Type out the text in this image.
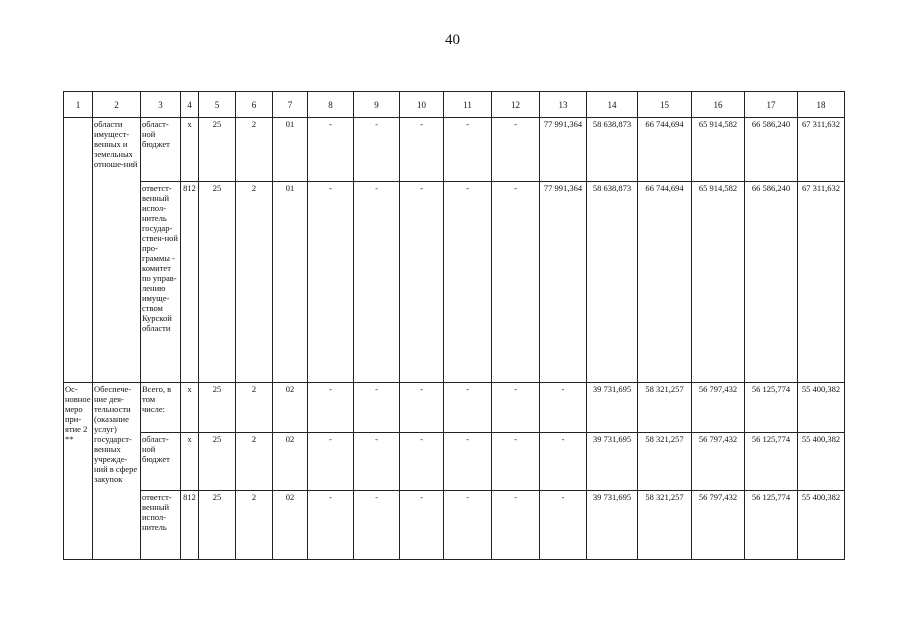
40
1	2	3	4	5	6	7	8	9	10	11	12	13	14	15	16	17	18
	области имущест-венных и земельных отноше-ний	област-ной бюджет	х	25	2	01	-	-	-	-	-	77 991,364	58 638,873	66 744,694	65 914,582	66 586,240	67 311,632
		ответст-венный испол-нитель государ-ствен-ной про-граммы - комитет по управ-лению имуще-ством Курской области	812	25	2	01	-	-	-	-	-	77 991,364	58 638,873	66 744,694	65 914,582	66 586,240	67 311,632
Ос-новное меро при-ятие 2 **	Обеспече-ние дея-тельности (оказание услуг) государст-венных учрежде-ний в сфере закупок	Всего, в том числе:	х	25	2	02	-	-	-	-	-	-	39 731,695	58 321,257	56 797,432	56 125,774	55 400,382
		област-ной бюджет	х	25	2	02	-	-	-	-	-	-	39 731,695	58 321,257	56 797,432	56 125,774	55 400,382
		ответст-венный испол-нитель	812	25	2	02	-	-	-	-	-	-	39 731,695	58 321,257	56 797,432	56 125,774	55 400,382
